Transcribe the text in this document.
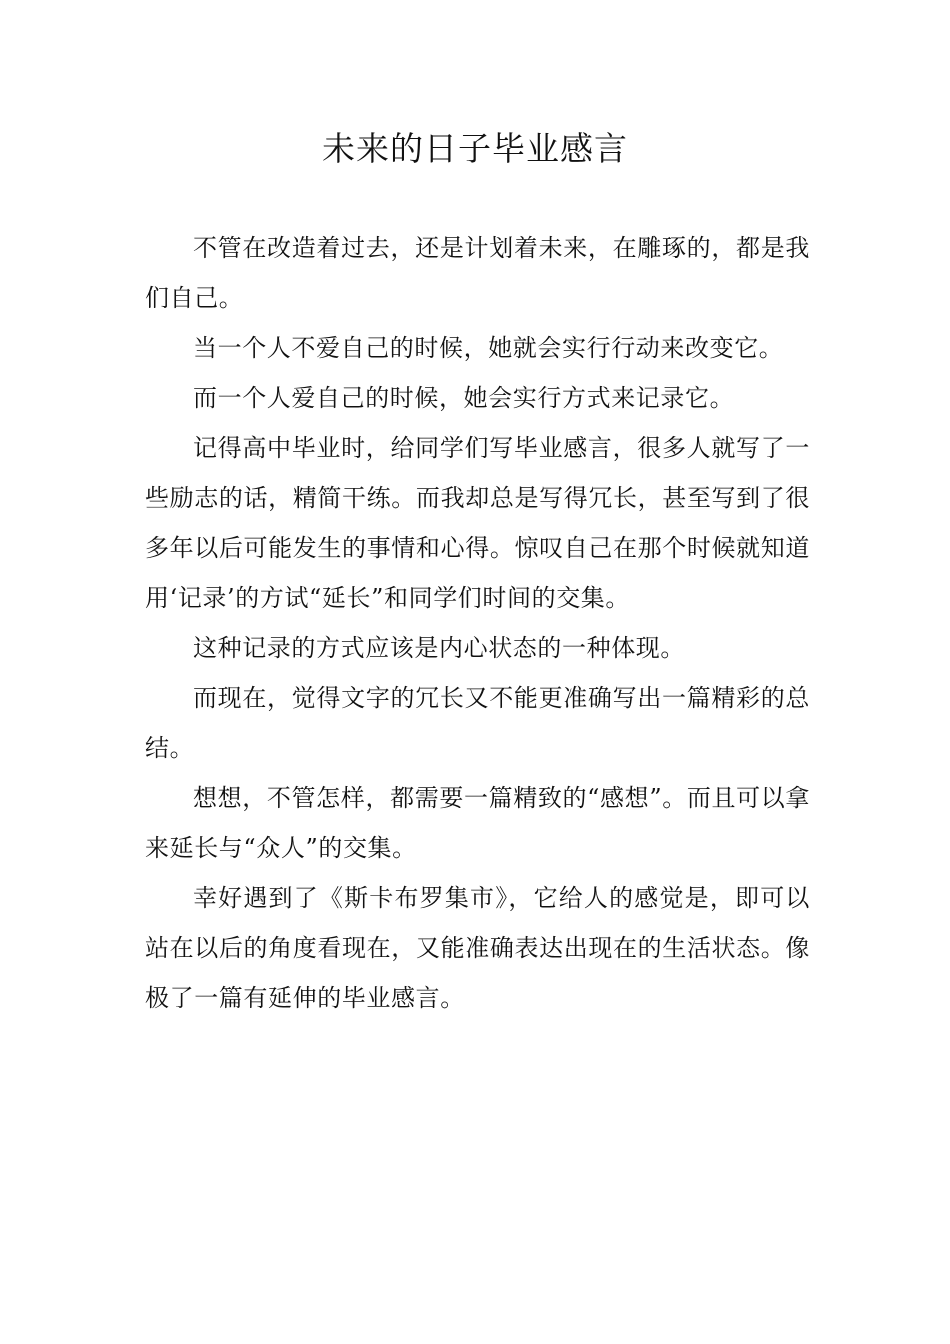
未来的日子毕业感言

不管在改造着过去，还是计划着未来，在雕琢的，都是我们自己。

当一个人不爱自己的时候，她就会实行行动来改变它。

而一个人爱自己的时候，她会实行方式来记录它。

记得高中毕业时，给同学们写毕业感言，很多人就写了一些励志的话，精简干练。而我却总是写得冗长，甚至写到了很多年以后可能发生的事情和心得。惊叹自己在那个时候就知道用‘记录’的方试“延长”和同学们时间的交集。

这种记录的方式应该是内心状态的一种体现。

而现在，觉得文字的冗长又不能更准确写出一篇精彩的总结。

想想，不管怎样，都需要一篇精致的“感想”。而且可以拿来延长与“众人”的交集。

幸好遇到了《斯卡布罗集市》，它给人的感觉是，即可以站在以后的角度看现在，又能准确表达出现在的生活状态。像极了一篇有延伸的毕业感言。
